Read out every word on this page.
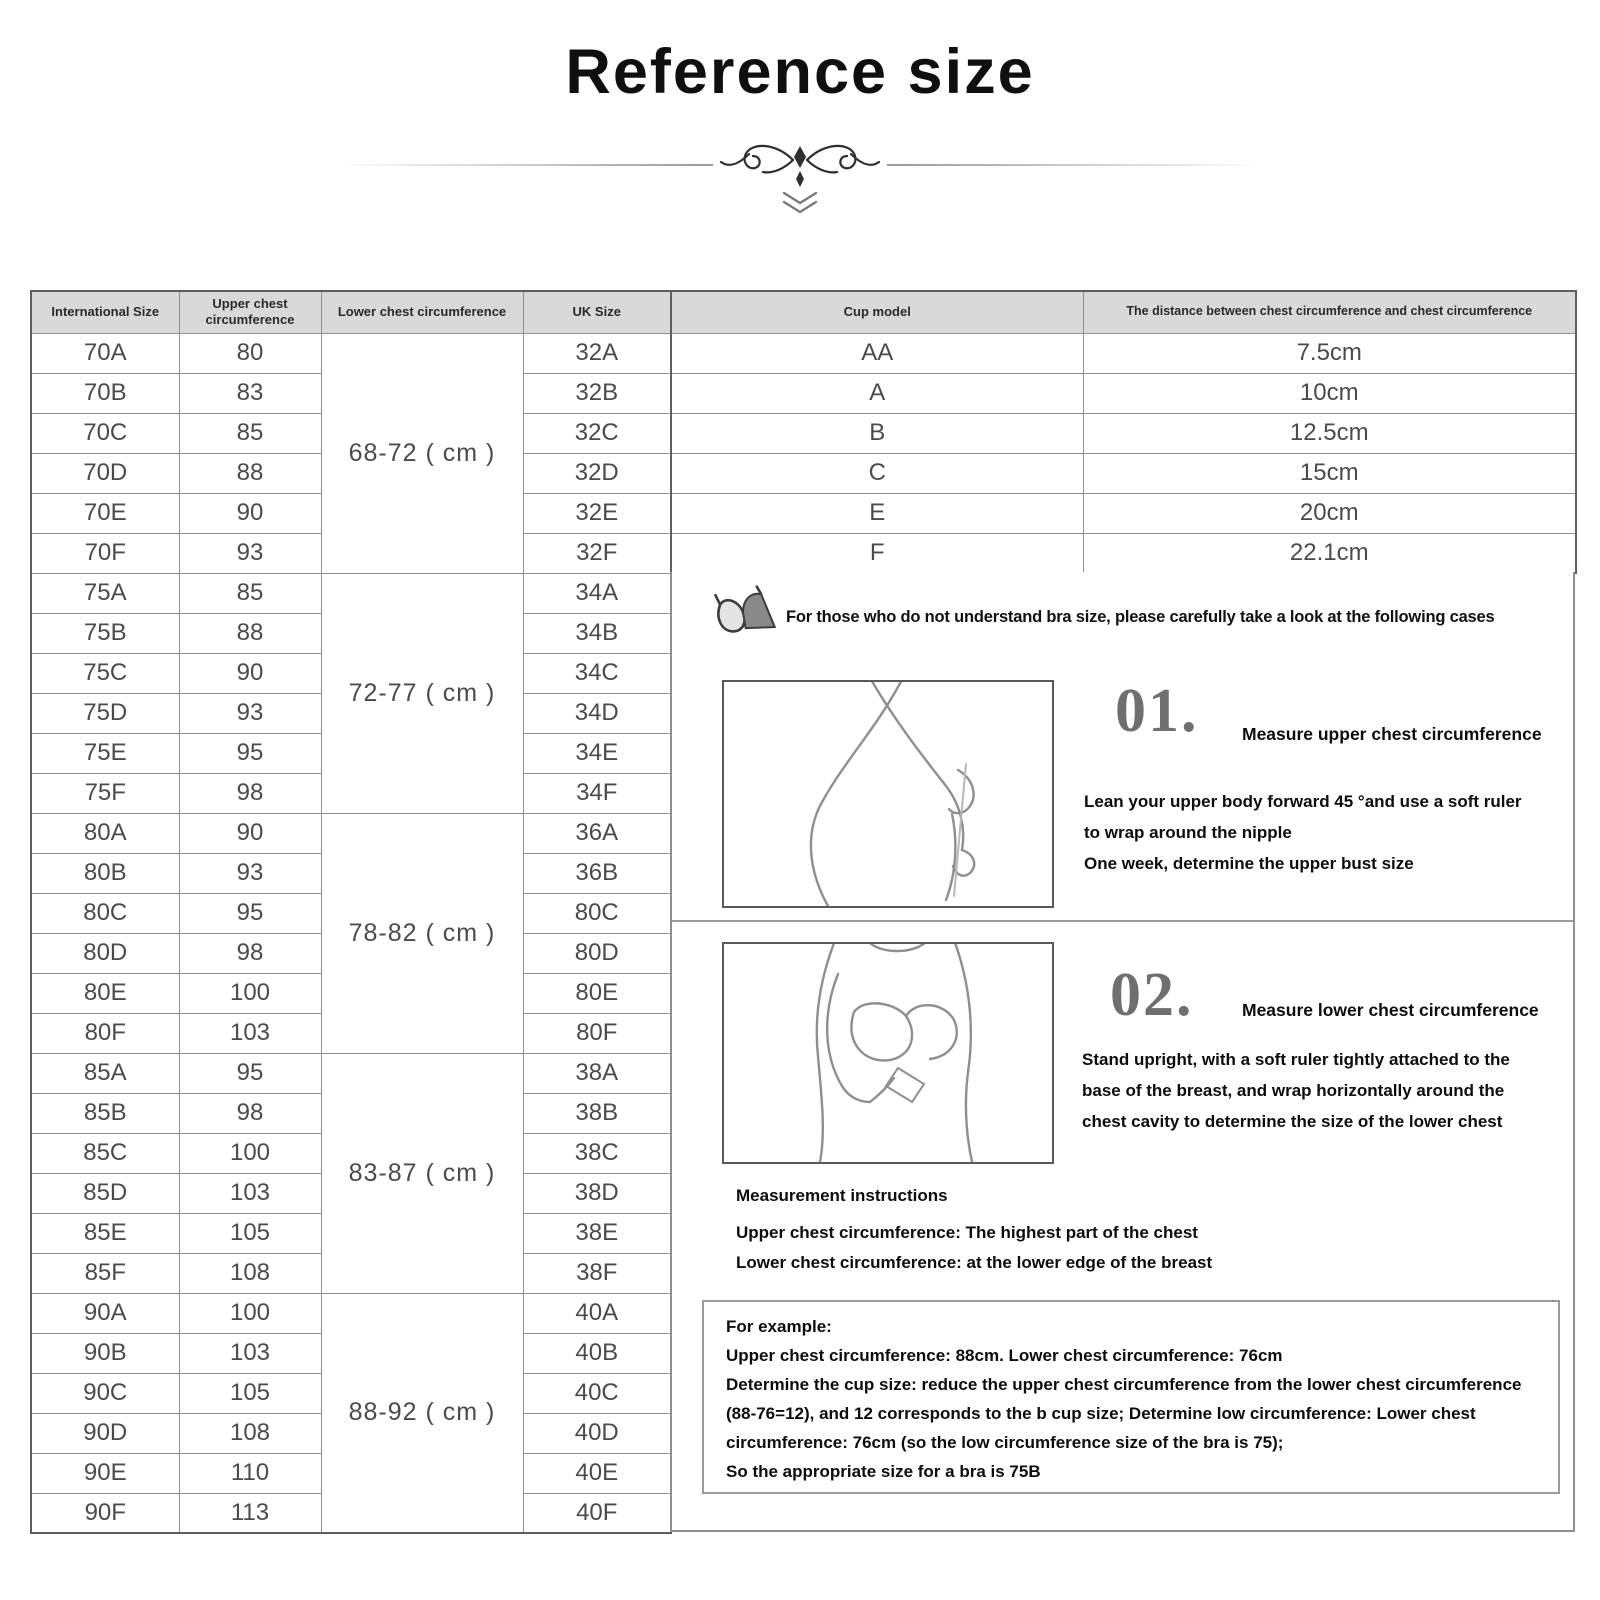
Reference size
International Size	Upper chest circumference	Lower chest circumference	UK Size
70A	80	68-72 ( cm )	32A
70B	83		32B
70C	85		32C
70D	88		32D
70E	90		32E
70F	93		32F
75A	85	72-77 ( cm )	34A
75B	88		34B
75C	90		34C
75D	93		34D
75E	95		34E
75F	98		34F
80A	90	78-82 ( cm )	36A
80B	93		36B
80C	95		80C
80D	98		80D
80E	100		80E
80F	103		80F
85A	95	83-87 ( cm )	38A
85B	98		38B
85C	100		38C
85D	103		38D
85E	105		38E
85F	108		38F
90A	100	88-92 ( cm )	40A
90B	103		40B
90C	105		40C
90D	108		40D
90E	110		40E
90F	113		40F
Cup model	The distance between chest circumference and chest circumference
AA	7.5cm
A	10cm
B	12.5cm
C	15cm
E	20cm
F	22.1cm
For those who do not understand bra size, please carefully take a look at the following cases
01. Measure upper chest circumference
Lean your upper body forward 45 °and use a soft ruler
to wrap around the nipple
One week, determine the upper bust size
02.	Measure lower chest circumference
Stand upright, with a soft ruler tightly attached to the
base of the breast, and wrap horizontally around the
chest cavity to determine the size of the lower chest
Measurement instructions
Upper chest circumference: The highest part of the chest
Lower chest circumference: at the lower edge of the breast
For example:
Upper chest circumference: 88cm. Lower chest circumference: 76cm
Determine the cup size: reduce the upper chest circumference from the lower chest circumference
(88-76=12), and 12 corresponds to the b cup size; Determine low circumference: Lower chest
circumference: 76cm (so the low circumference size of the bra is 75);
So the appropriate size for a bra is 75B
